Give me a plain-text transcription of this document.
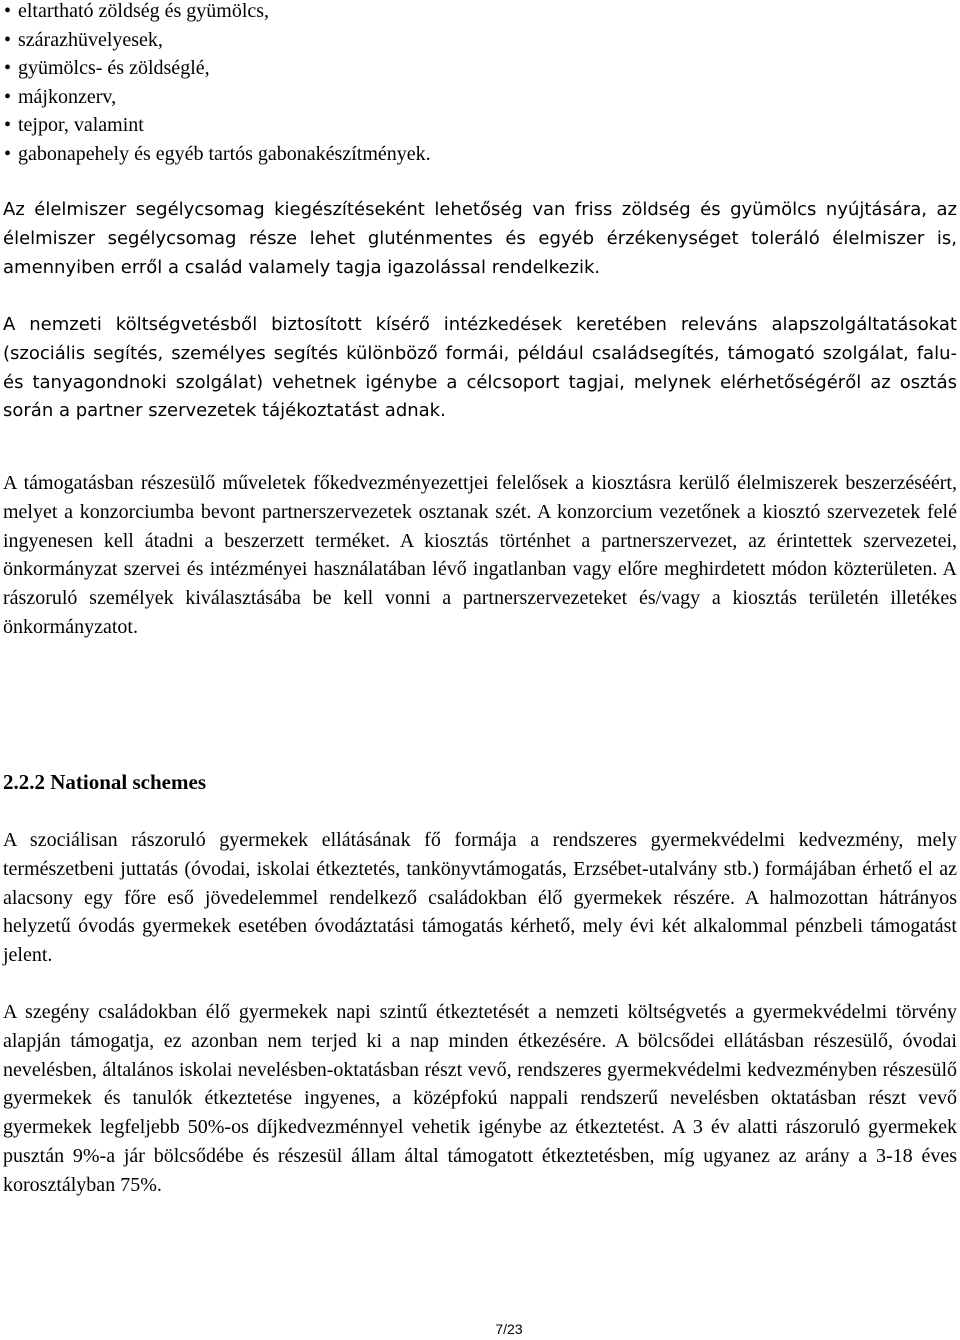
• eltartható zöldség és gyümölcs,
• szárazhüvelyesek,
• gyümölcs- és zöldséglé,
• májkonzerv,
• tejpor, valamint
• gabonapehely és egyéb tartós gabonakészítmények.

Az élelmiszer segélycsomag kiegészítéseként lehetőség van friss zöldség és gyümölcs nyújtására, az élelmiszer segélycsomag része lehet gluténmentes és egyéb érzékenységet toleráló élelmiszer is, amennyiben erről a család valamely tagja igazolással rendelkezik.

A nemzeti költségvetésből biztosított kísérő intézkedések keretében releváns alapszolgáltatásokat (szociális segítés, személyes segítés különböző formái, például családsegítés, támogató szolgálat, falu- és tanyagondnoki szolgálat) vehetnek igénybe a célcsoport tagjai, melynek elérhetőségéről az osztás során a partner szervezetek tájékoztatást adnak.

A támogatásban részesülő műveletek főkedvezményezettjei felelősek a kiosztásra kerülő élelmiszerek beszerzéséért, melyet a konzorciumba bevont partnerszervezetek osztanak szét. A konzorcium vezetőnek a kiosztó szervezetek felé ingyenesen kell átadni a beszerzett terméket. A kiosztás történhet a partnerszervezet, az érintettek szervezetei, önkormányzat szervei és intézményei használatában lévő ingatlanban vagy előre meghirdetett módon közterületen. A rászoruló személyek kiválasztásába be kell vonni a partnerszervezeteket és/vagy a kiosztás területén illetékes önkormányzatot.

2.2.2 National schemes

A szociálisan rászoruló gyermekek ellátásának fő formája a rendszeres gyermekvédelmi kedvezmény, mely természetbeni juttatás (óvodai, iskolai étkeztetés, tankönyvtámogatás, Erzsébet-utalvány stb.) formájában érhető el az alacsony egy főre eső jövedelemmel rendelkező családokban élő gyermekek részére. A halmozottan hátrányos helyzetű óvodás gyermekek esetében óvodáztatási támogatás kérhető, mely évi két alkalommal pénzbeli támogatást jelent.

A szegény családokban élő gyermekek napi szintű étkeztetését a nemzeti költségvetés a gyermekvédelmi törvény alapján támogatja, ez azonban nem terjed ki a nap minden étkezésére. A bölcsődei ellátásban részesülő, óvodai nevelésben, általános iskolai nevelésben-oktatásban részt vevő, rendszeres gyermekvédelmi kedvezményben részesülő gyermekek és tanulók étkeztetése ingyenes, a középfokú nappali rendszerű nevelésben oktatásban részt vevő gyermekek legfeljebb 50%-os díjkedvezménnyel vehetik igénybe az étkeztetést. A 3 év alatti rászoruló gyermekek pusztán 9%-a jár bölcsődébe és részesül állam által támogatott étkeztetésben, míg ugyanez az arány a 3-18 éves korosztályban 75%.

7/23
